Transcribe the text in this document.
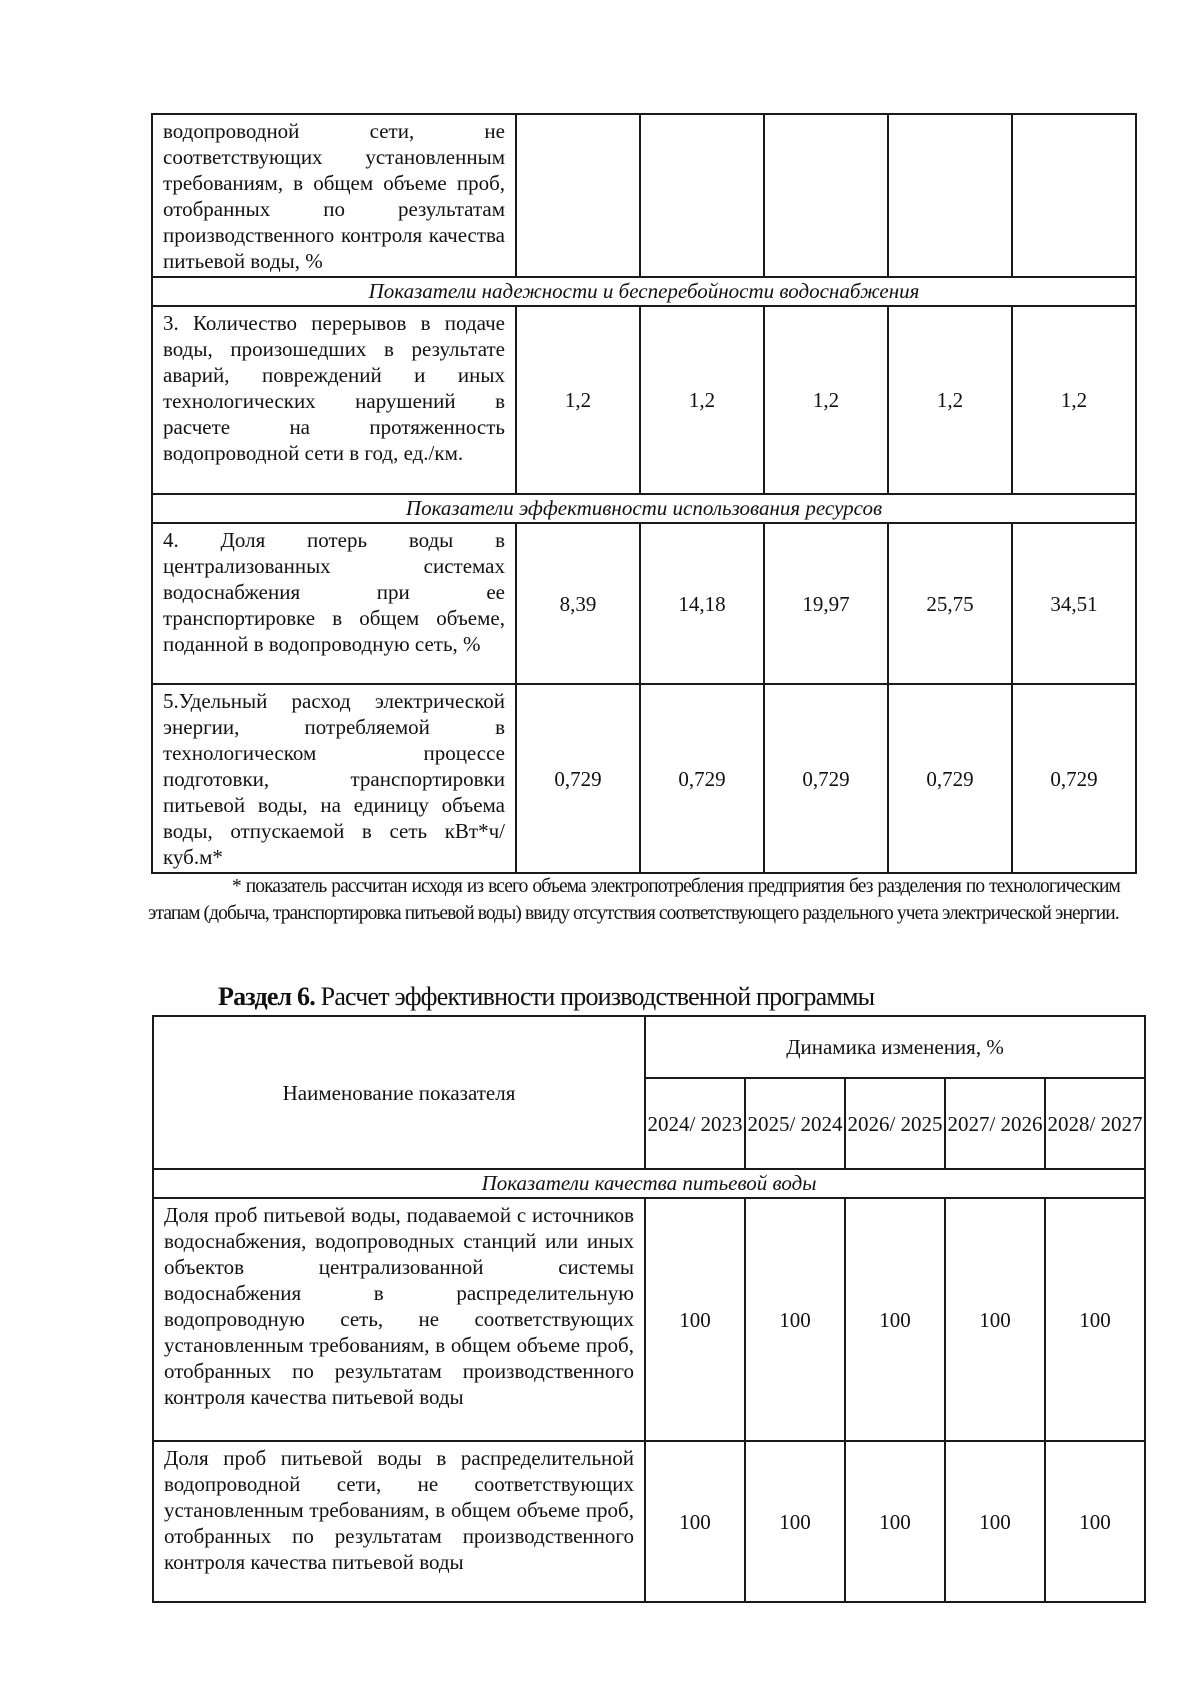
водопроводной сети, не соответствующих установленным требованиям, в общем объеме проб, отобранных по результатам производственного контроля качества питьевой воды, %					
Показатели надежности и бесперебойности водоснабжения					
3. Количество перерывов в подаче воды, произошедших в результате аварий, повреждений и иных технологических нарушений в расчете на протяженность водопроводной сети в год, ед./км.	1,2	1,2	1,2	1,2	1,2
Показатели эффективности использования ресурсов					
4. Доля потерь воды в централизованных системах водоснабжения при ее транспортировке в общем объеме, поданной в водопроводную сеть, %	8,39	14,18	19,97	25,75	34,51
5.Удельный расход электрической энергии, потребляемой в технологическом процессе подготовки, транспортировки питьевой воды, на единицу объема воды, отпускаемой в сеть кВт*ч/куб.м*	0,729	0,729	0,729	0,729	0,729
* показатель рассчитан исходя из всего объема электропотребления предприятия без разделения по технологическим этапам (добыча, транспортировка питьевой воды) ввиду отсутствия соответствующего раздельного учета электрической энергии.
Раздел 6. Расчет эффективности производственной программы
Наименование показателя	Динамика изменения, %				
	2024/ 2023	2025/ 2024	2026/ 2025	2027/ 2026	2028/ 2027
Показатели качества питьевой воды					
Доля проб питьевой воды, подаваемой с источников водоснабжения, водопроводных станций или иных объектов централизованной системы водоснабжения в распределительную водопроводную сеть, не соответствующих установленным требованиям, в общем объеме проб, отобранных по результатам производственного контроля качества питьевой воды	100	100	100	100	100
Доля проб питьевой воды в распределительной водопроводной сети, не соответствующих установленным требованиям, в общем объеме проб, отобранных по результатам производственного контроля качества питьевой воды	100	100	100	100	100
